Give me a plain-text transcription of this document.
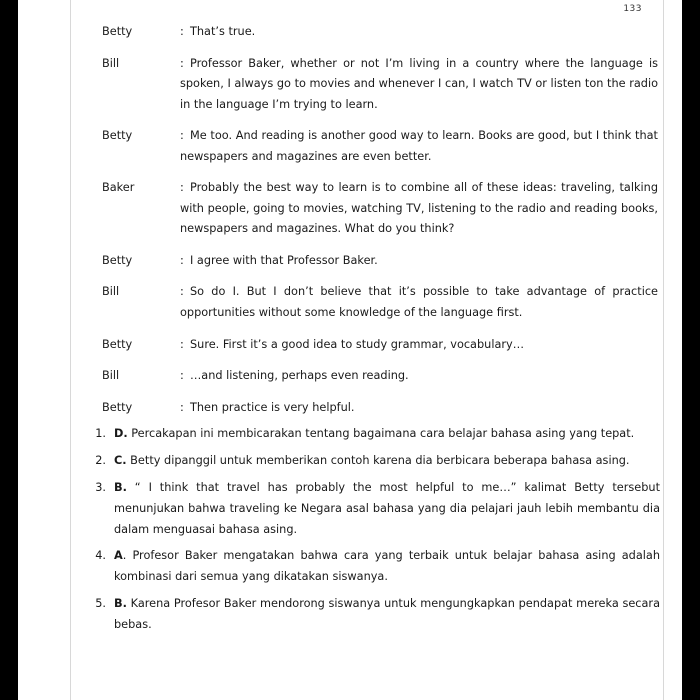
133
Betty	: That’s true.
Bill	: Professor Baker, whether or not I’m living in a country where the language is spoken, I always go to movies and whenever I can, I watch TV or listen ton the radio in the language I’m trying to learn.
Betty	: Me too. And reading is another good way to learn. Books are good, but I think that newspapers and magazines are even better.
Baker	: Probably the best way to learn is to combine all of these ideas: traveling, talking with people, going to movies, watching TV, listening to the radio and reading books, newspapers and magazines. What do you think?
Betty	: I agree with that Professor Baker.
Bill	: So do I. But I don’t believe that it’s possible to take advantage of practice opportunities without some knowledge of the language first.
Betty	: Sure. First it’s a good idea to study grammar, vocabulary…
Bill	: …and listening, perhaps even reading.
Betty	: Then practice is very helpful.
1. D. Percakapan ini membicarakan tentang bagaimana cara belajar bahasa asing yang tepat.
2. C. Betty dipanggil untuk memberikan contoh karena dia berbicara beberapa bahasa asing.
3. B. “ I think that travel has probably the most helpful to me…” kalimat Betty tersebut menunjukan bahwa traveling ke Negara asal bahasa yang dia pelajari jauh lebih membantu dia dalam menguasai bahasa asing.
4. A. Profesor Baker mengatakan bahwa cara yang terbaik untuk belajar bahasa asing adalah kombinasi dari semua yang dikatakan siswanya.
5. B. Karena Profesor Baker mendorong siswanya untuk mengungkapkan pendapat mereka secara bebas.
